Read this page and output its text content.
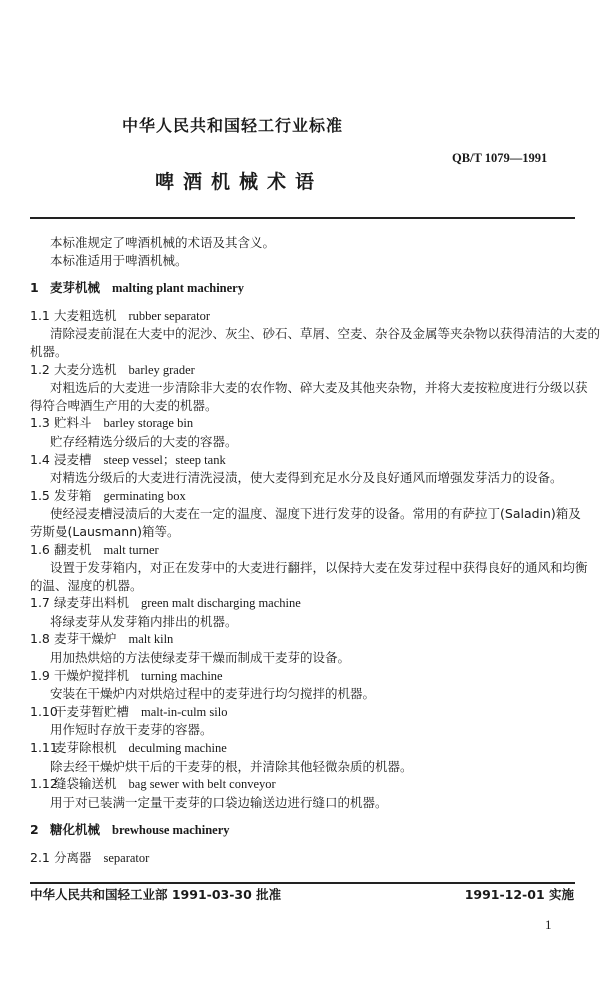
中华人民共和国轻工行业标准
QB/T 1079—1991
啤酒机械术语
本标准规定了啤酒机械的术语及其含义。
本标准适用于啤酒机械。
1 麦芽机械 malting plant machinery
1.1 大麦粗选机 rubber separator
清除浸麦前混在大麦中的泥沙、灰尘、砂石、草屑、空麦、杂谷及金属等夹杂物以获得清洁的大麦的
机器。
1.2 大麦分选机 barley grader
对粗选后的大麦进一步清除非大麦的农作物、碎大麦及其他夹杂物，并将大麦按粒度进行分级以获
得符合啤酒生产用的大麦的机器。
1.3 贮料斗 barley storage bin
贮存经精选分级后的大麦的容器。
1.4 浸麦槽 steep vessel；steep tank
对精选分级后的大麦进行清洗浸渍，使大麦得到充足水分及良好通风而增强发芽活力的设备。
1.5 发芽箱 germinating box
使经浸麦槽浸渍后的大麦在一定的温度、湿度下进行发芽的设备。常用的有萨拉丁(Saladin)箱及
劳斯曼(Lausmann)箱等。
1.6 翻麦机 malt turner
设置于发芽箱内，对正在发芽中的大麦进行翻拌，以保持大麦在发芽过程中获得良好的通风和均衡
的温、湿度的机器。
1.7 绿麦芽出料机 green malt discharging machine
将绿麦芽从发芽箱内排出的机器。
1.8 麦芽干燥炉 malt kiln
用加热烘焙的方法使绿麦芽干燥而制成干麦芽的设备。
1.9 干燥炉搅拌机 turning machine
安装在干燥炉内对烘焙过程中的麦芽进行均匀搅拌的机器。
1.10干麦芽暂贮槽 malt-in-culm silo
用作短时存放干麦芽的容器。
1.11麦芽除根机 deculming machine
除去经干燥炉烘干后的干麦芽的根，并清除其他轻微杂质的机器。
1.12缝袋输送机 bag sewer with belt conveyor
用于对已装满一定量干麦芽的口袋边输送边进行缝口的机器。
2 糖化机械 brewhouse machinery
2.1 分离器 separator
中华人民共和国轻工业部 1991-03-30 批准	1991-12-01 实施
1
